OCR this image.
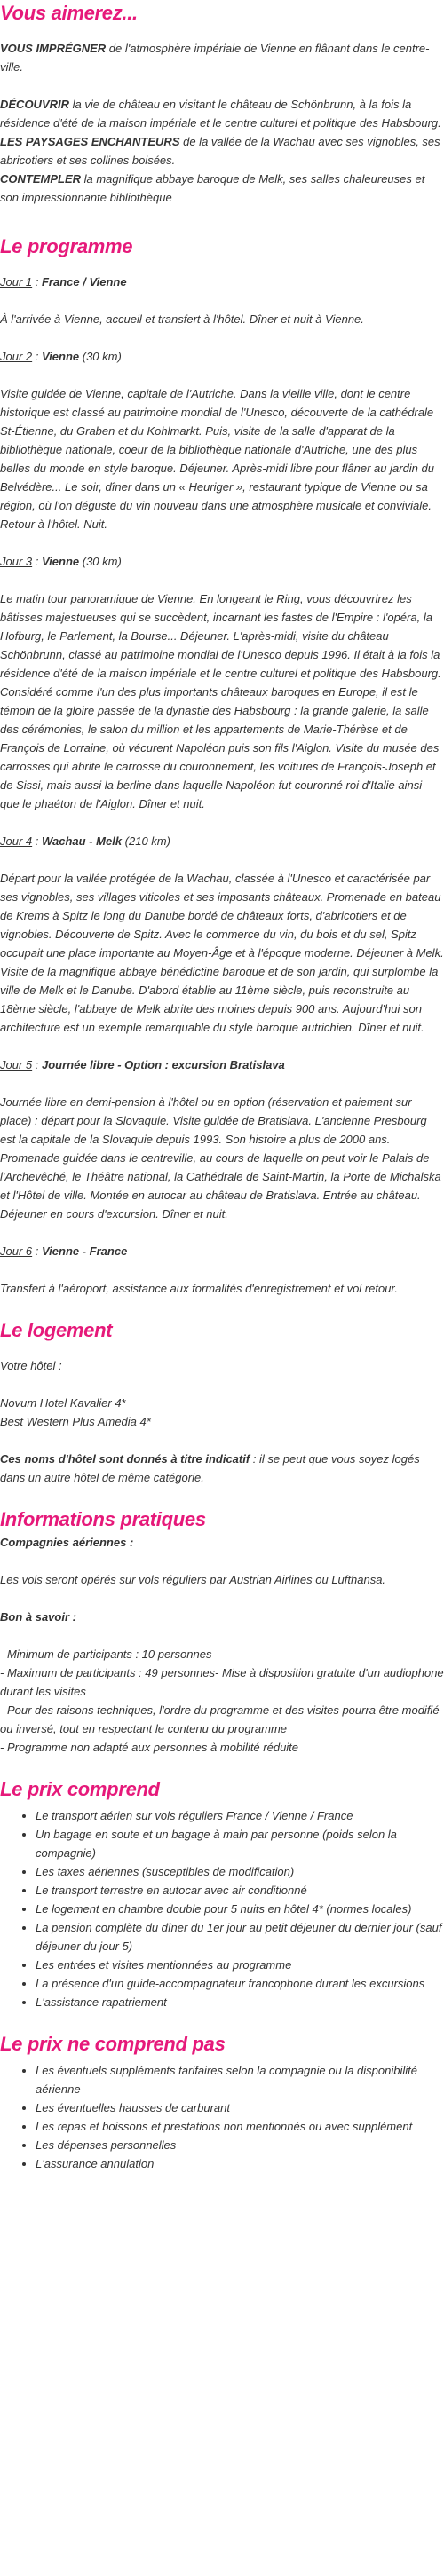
Vous aimerez...

VOUS IMPRÉGNER de l'atmosphère impériale de Vienne en flânant dans le centre-ville.

DÉCOUVRIR la vie de château en visitant le château de Schönbrunn, à la fois la résidence d'été de la maison impériale et le centre culturel et politique des Habsbourg.

LES PAYSAGES ENCHANTEURS de la vallée de la Wachau avec ses vignobles, ses abricotiers et ses collines boisées.

CONTEMPLER la magnifique abbaye baroque de Melk, ses salles chaleureuses et son impressionnante bibliothèque

Le programme

Jour 1 : France / Vienne

À l'arrivée à Vienne, accueil et transfert à l'hôtel. Dîner et nuit à Vienne.

Jour 2 : Vienne (30 km)

Visite guidée de Vienne, capitale de l'Autriche. Dans la vieille ville, dont le centre historique est classé au patrimoine mondial de l'Unesco, découverte de la cathédrale St-Étienne, du Graben et du Kohlmarkt. Puis, visite de la salle d'apparat de la bibliothèque nationale, coeur de la bibliothèque nationale d'Autriche, une des plus belles du monde en style baroque. Déjeuner. Après-midi libre pour flâner au jardin du Belvédère... Le soir, dîner dans un « Heuriger », restaurant typique de Vienne ou sa région, où l'on déguste du vin nouveau dans une atmosphère musicale et conviviale. Retour à l'hôtel. Nuit.

Jour 3 : Vienne (30 km)

Le matin tour panoramique de Vienne. En longeant le Ring, vous découvrirez les bâtisses majestueuses qui se succèdent, incarnant les fastes de l'Empire : l'opéra, la Hofburg, le Parlement, la Bourse... Déjeuner. L'après-midi, visite du château Schönbrunn, classé au patrimoine mondial de l'Unesco depuis 1996. Il était à la fois la résidence d'été de la maison impériale et le centre culturel et politique des Habsbourg. Considéré comme l'un des plus importants châteaux baroques en Europe, il est le témoin de la gloire passée de la dynastie des Habsbourg : la grande galerie, la salle des cérémonies, le salon du million et les appartements de Marie-Thérèse et de François de Lorraine, où vécurent Napoléon puis son fils l'Aiglon. Visite du musée des carrosses qui abrite le carrosse du couronnement, les voitures de François-Joseph et de Sissi, mais aussi la berline dans laquelle Napoléon fut couronné roi d'Italie ainsi que le phaéton de l'Aiglon. Dîner et nuit.

Jour 4 : Wachau - Melk (210 km)

Départ pour la vallée protégée de la Wachau, classée à l'Unesco et caractérisée par ses vignobles, ses villages viticoles et ses imposants châteaux. Promenade en bateau de Krems à Spitz le long du Danube bordé de châteaux forts, d'abricotiers et de vignobles. Découverte de Spitz. Avec le commerce du vin, du bois et du sel, Spitz occupait une place importante au Moyen-Âge et à l'époque moderne. Déjeuner à Melk. Visite de la magnifique abbaye bénédictine baroque et de son jardin, qui surplombe la ville de Melk et le Danube. D'abord établie au 11ème siècle, puis reconstruite au 18ème siècle, l'abbaye de Melk abrite des moines depuis 900 ans. Aujourd'hui son architecture est un exemple remarquable du style baroque autrichien. Dîner et nuit.

Jour 5 : Journée libre - Option : excursion Bratislava

Journée libre en demi-pension à l'hôtel ou en option (réservation et paiement sur place) : départ pour la Slovaquie. Visite guidée de Bratislava. L'ancienne Presbourg est la capitale de la Slovaquie depuis 1993. Son histoire a plus de 2000 ans. Promenade guidée dans le centreville, au cours de laquelle on peut voir le Palais de l'Archevêché, le Théâtre national, la Cathédrale de Saint-Martin, la Porte de Michalska et l'Hôtel de ville. Montée en autocar au château de Bratislava. Entrée au château. Déjeuner en cours d'excursion. Dîner et nuit.

Jour 6 : Vienne - France

Transfert à l'aéroport, assistance aux formalités d'enregistrement et vol retour.

Le logement

Votre hôtel :

Novum Hotel Kavalier 4*

Best Western Plus Amedia 4*

Ces noms d'hôtel sont donnés à titre indicatif : il se peut que vous soyez logés dans un autre hôtel de même catégorie.

Informations pratiques

Compagnies aériennes :

Les vols seront opérés sur vols réguliers par Austrian Airlines ou Lufthansa.

Bon à savoir :

- Minimum de participants : 10 personnes

- Maximum de participants : 49 personnes- Mise à disposition gratuite d'un audiophone durant les visites

- Pour des raisons techniques, l'ordre du programme et des visites pourra être modifié ou inversé, tout en respectant le contenu du programme

- Programme non adapté aux personnes à mobilité réduite

Le prix comprend
• Le transport aérien sur vols réguliers France / Vienne / France
• Un bagage en soute et un bagage à main par personne (poids selon la compagnie)
• Les taxes aériennes (susceptibles de modification)
• Le transport terrestre en autocar avec air conditionné
• Le logement en chambre double pour 5 nuits en hôtel 4* (normes locales)
• La pension complète du dîner du 1er jour au petit déjeuner du dernier jour (sauf déjeuner du jour 5)
• Les entrées et visites mentionnées au programme
• La présence d'un guide-accompagnateur francophone durant les excursions
• L'assistance rapatriement
Le prix ne comprend pas
• Les éventuels suppléments tarifaires selon la compagnie ou la disponibilité aérienne
• Les éventuelles hausses de carburant
• Les repas et boissons et prestations non mentionnés ou avec supplément
• Les dépenses personnelles
• L'assurance annulation
